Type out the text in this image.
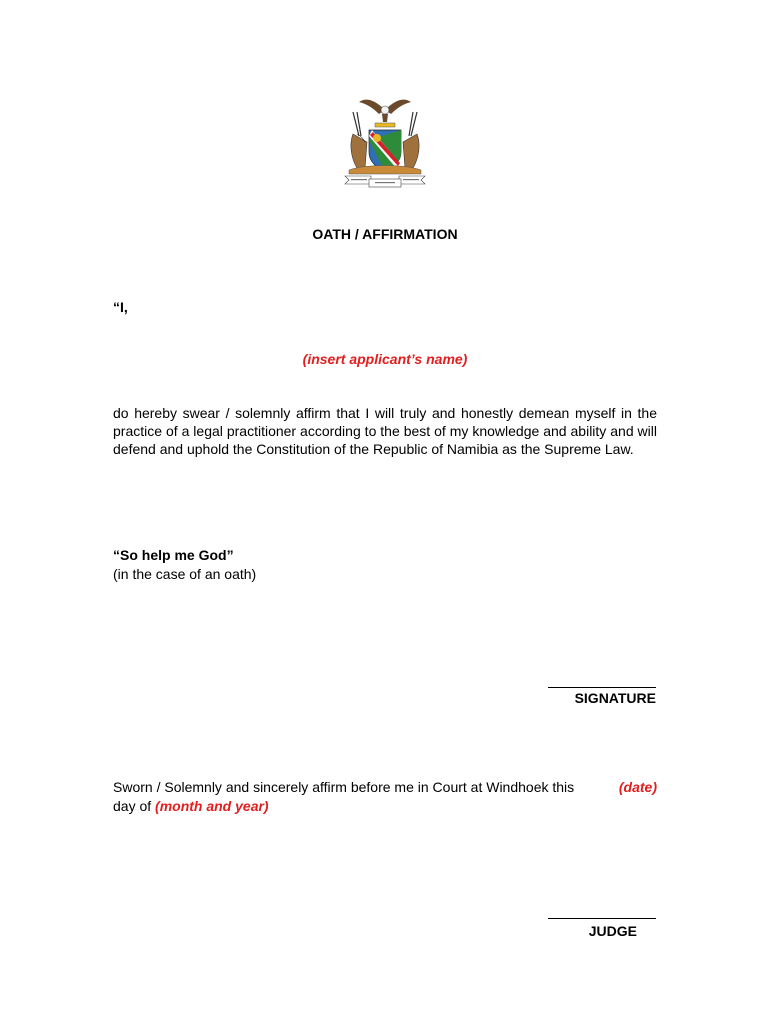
OATH / AFFIRMATION
“I,
(insert applicant’s name)
do hereby swear / solemnly affirm that I will truly and honestly demean myself in the practice of a legal practitioner according to the best of my knowledge and ability and will defend and uphold the Constitution of the Republic of Namibia as the Supreme Law.
“So help me God”
(in the case of an oath)
SIGNATURE
Sworn / Solemnly and sincerely affirm before me in Court at Windhoek this	(date)
day of (month and year)
JUDGE
